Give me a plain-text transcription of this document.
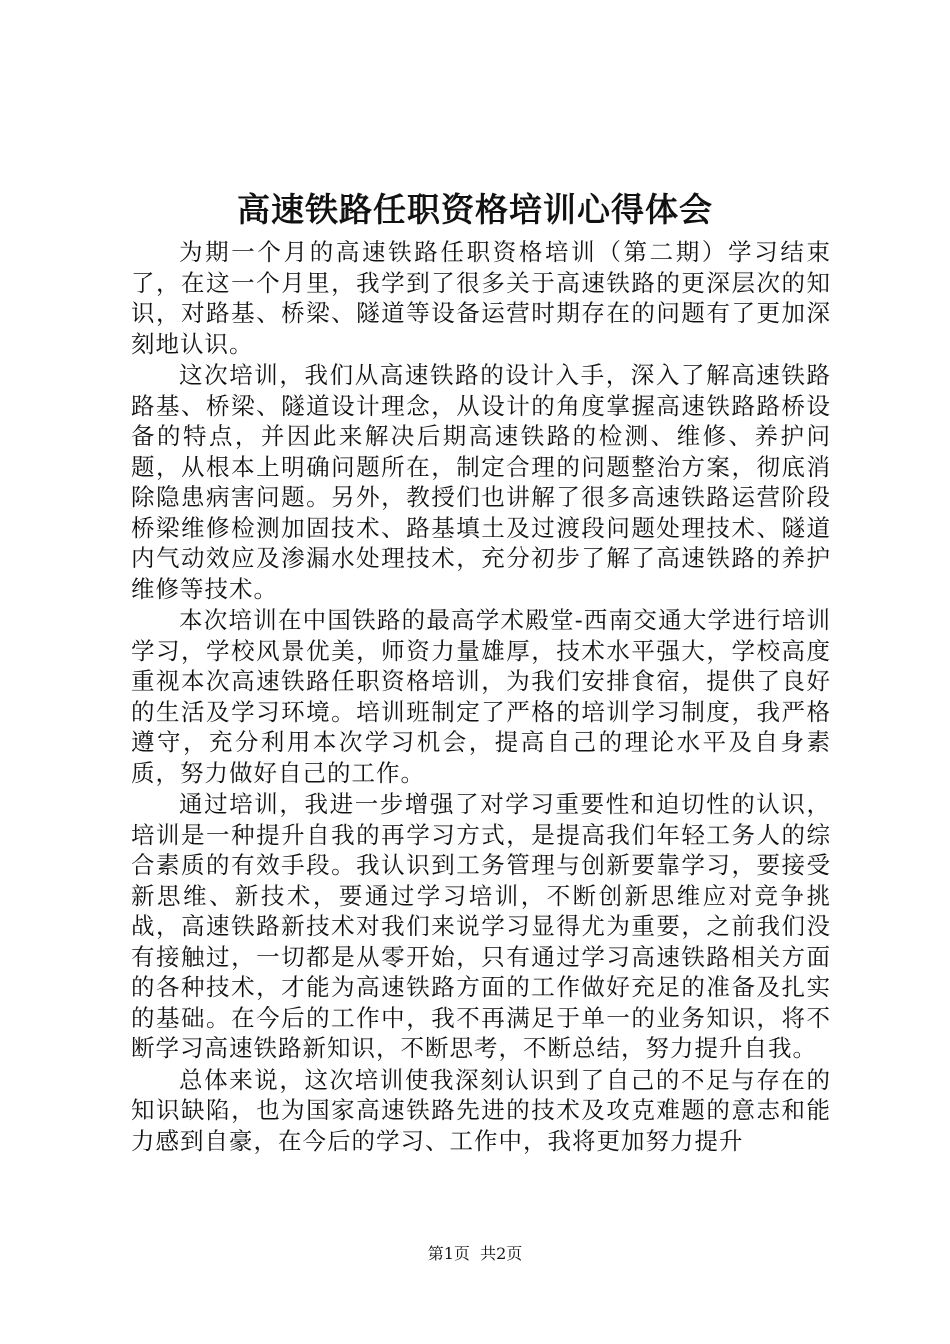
高速铁路任职资格培训心得体会

为期一个月的高速铁路任职资格培训（第二期）学习结束了，在这一个月里，我学到了很多关于高速铁路的更深层次的知识，对路基、桥梁、隧道等设备运营时期存在的问题有了更加深刻地认识。

这次培训，我们从高速铁路的设计入手，深入了解高速铁路路基、桥梁、隧道设计理念，从设计的角度掌握高速铁路路桥设备的特点，并因此来解决后期高速铁路的检测、维修、养护问题，从根本上明确问题所在，制定合理的问题整治方案，彻底消除隐患病害问题。另外，教授们也讲解了很多高速铁路运营阶段桥梁维修检测加固技术、路基填土及过渡段问题处理技术、隧道内气动效应及渗漏水处理技术，充分初步了解了高速铁路的养护维修等技术。

本次培训在中国铁路的最高学术殿堂-西南交通大学进行培训学习，学校风景优美，师资力量雄厚，技术水平强大，学校高度重视本次高速铁路任职资格培训，为我们安排食宿，提供了良好的生活及学习环境。培训班制定了严格的培训学习制度，我严格遵守，充分利用本次学习机会，提高自己的理论水平及自身素质，努力做好自己的工作。

通过培训，我进一步增强了对学习重要性和迫切性的认识，培训是一种提升自我的再学习方式，是提高我们年轻工务人的综合素质的有效手段。我认识到工务管理与创新要靠学习，要接受新思维、新技术，要通过学习培训，不断创新思维应对竞争挑战，高速铁路新技术对我们来说学习显得尤为重要，之前我们没有接触过，一切都是从零开始，只有通过学习高速铁路相关方面的各种技术，才能为高速铁路方面的工作做好充足的准备及扎实的基础。在今后的工作中，我不再满足于单一的业务知识，将不断学习高速铁路新知识，不断思考，不断总结，努力提升自我。

总体来说，这次培训使我深刻认识到了自己的不足与存在的知识缺陷，也为国家高速铁路先进的技术及攻克难题的意志和能力感到自豪，在今后的学习、工作中，我将更加努力提升

第1页 共2页
